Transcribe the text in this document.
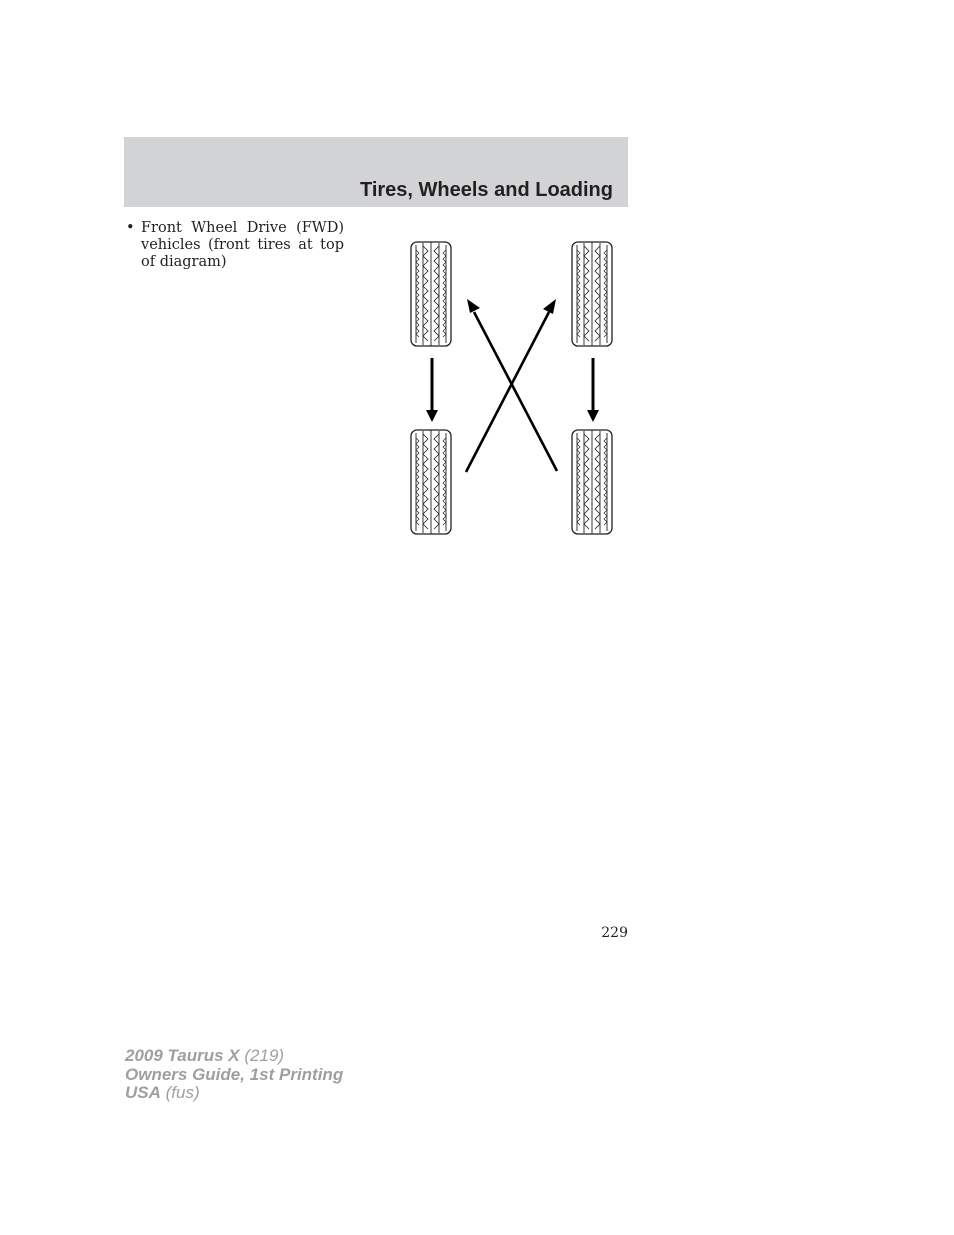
Tires, Wheels and Loading
• Front Wheel Drive (FWD) vehicles (front tires at top of diagram)
229
2009 Taurus X (219)
Owners Guide, 1st Printing
USA (fus)
